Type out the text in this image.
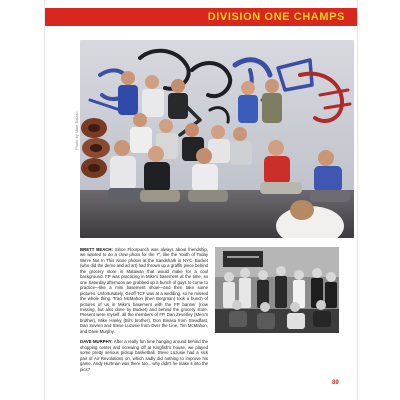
DIVISION ONE CHAMPS
Photo by Mike Balzac

BRETT BEACH: Since Floorpunch was always about friendship, we wanted to do a crew photo for the 7", like the Youth of Today We're Not In This Alone photos at the Sandshark in NYC. Bucket (who did the demo and ad art) had thrown up a graffiti piece behind the grocery store in Matawan that would make for a cool background. FP was practicing in Mike's basement at the time, so one Saturday afternoon we grabbed up a bunch of guys to come to practice—like a mini basement show—and then take some pictures. Unfortunately, Geoff TCF was at a wedding, so he missed the whole thing. Traci McMahon (then Bergman) took a bunch of pictures of us in Mike's basement with the FP banner (now missing, but also done by Bucket) and behind the grocery store. Present were myself, all the members of FP, Dan Zeverley (Merc's brother), Mike Hanky (Bil's brother), Don Binasa from Steadfast, Dan Sevren and Steve Luzusie from Over the Line, Tim McMahon, and Dave Murphy.

DAVE MURPHY: After a really fun time hanging around behind the shopping center and screwing off at Kingfish's house, we played some pretty serious pickup basketball. Steve Luzusie had a sick pair of Air Revolutions on, which sadly did nothing to improve his game. Andy Hurtman was there too... why didn't he make it into the pics?

89
